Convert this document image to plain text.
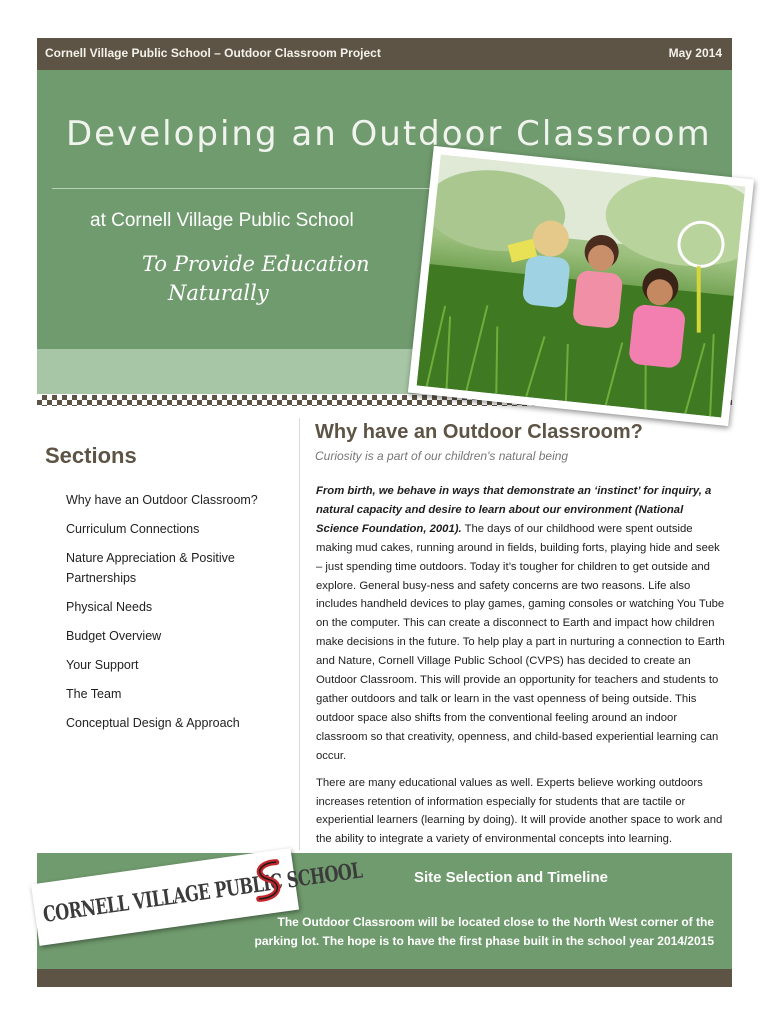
Cornell Village Public School – Outdoor Classroom Project	May 2014
Developing an Outdoor Classroom
at Cornell Village Public School
To Provide Education
Naturally
Sections
Why have an Outdoor Classroom?
Curriculum Connections
Nature Appreciation & Positive Partnerships
Physical Needs
Budget Overview
Your Support
The Team
Conceptual Design & Approach
Why have an Outdoor Classroom?
Curiosity is a part of our children's natural being

From birth, we behave in ways that demonstrate an ‘instinct’ for inquiry, a natural capacity and desire to learn about our environment (National Science Foundation, 2001). The days of our childhood were spent outside making mud cakes, running around in fields, building forts, playing hide and seek – just spending time outdoors. Today it’s tougher for children to get outside and explore. General busy-ness and safety concerns are two reasons. Life also includes handheld devices to play games, gaming consoles or watching You Tube on the computer. This can create a disconnect to Earth and impact how children make decisions in the future. To help play a part in nurturing a connection to Earth and Nature, Cornell Village Public School (CVPS) has decided to create an Outdoor Classroom. This will provide an opportunity for teachers and students to gather outdoors and talk or learn in the vast openness of being outside. This outdoor space also shifts from the conventional feeling around an indoor classroom so that creativity, openness, and child-based experiential learning can occur.

There are many educational values as well. Experts believe working outdoors increases retention of information especially for students that are tactile or experiential learners (learning by doing). It will provide another space to work and the ability to integrate a variety of environmental concepts into learning.

Site Selection and Timeline
The Outdoor Classroom will be located close to the North West corner of the parking lot. The hope is to have the first phase built in the school year 2014/2015
CORNELL VILLAGE PUBLIC SCHOOL
